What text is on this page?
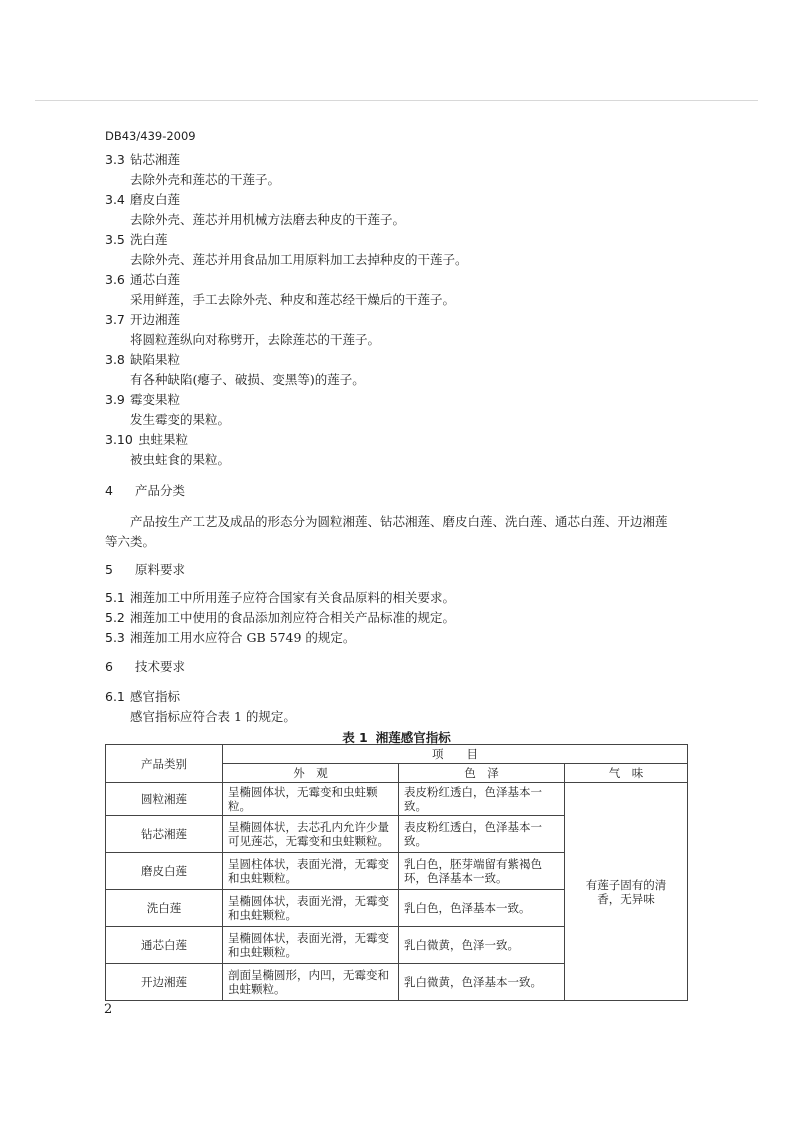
DB43/439-2009
3.3 钻芯湘莲
去除外壳和莲芯的干莲子。
3.4 磨皮白莲
去除外壳、莲芯并用机械方法磨去种皮的干莲子。
3.5 洗白莲
去除外壳、莲芯并用食品加工用原料加工去掉种皮的干莲子。
3.6 通芯白莲
采用鲜莲，手工去除外壳、种皮和莲芯经干燥后的干莲子。
3.7 开边湘莲
将圆粒莲纵向对称劈开，去除莲芯的干莲子。
3.8 缺陷果粒
有各种缺陷(瘪子、破损、变黑等)的莲子。
3.9 霉变果粒
发生霉变的果粒。
3.10 虫蛀果粒
被虫蛀食的果粒。
4 产品分类
产品按生产工艺及成品的形态分为圆粒湘莲、钻芯湘莲、磨皮白莲、洗白莲、通芯白莲、开边湘莲
等六类。
5 原料要求
5.1 湘莲加工中所用莲子应符合国家有关食品原料的相关要求。
5.2 湘莲加工中使用的食品添加剂应符合相关产品标准的规定。
5.3 湘莲加工用水应符合 GB 5749 的规定。
6 技术要求
6.1 感官指标
感官指标应符合表 1 的规定。
表 1 湘莲感官指标
产品类别	项　　目		
	外　观	色　泽	气　味
圆粒湘莲	呈椭圆体状，无霉变和虫蛀颗粒。	表皮粉红透白，色泽基本一致。	有莲子固有的清香，无异味
钻芯湘莲	呈椭圆体状，去芯孔内允许少量可见莲芯，无霉变和虫蛀颗粒。	表皮粉红透白，色泽基本一致。	
磨皮白莲	呈圆柱体状，表面光滑，无霉变和虫蛀颗粒。	乳白色，胚芽端留有紫褐色环，色泽基本一致。	
洗白莲	呈椭圆体状，表面光滑，无霉变和虫蛀颗粒。	乳白色，色泽基本一致。	
通芯白莲	呈椭圆体状，表面光滑，无霉变和虫蛀颗粒。	乳白微黄，色泽一致。	
开边湘莲	剖面呈椭圆形，内凹，无霉变和虫蛀颗粒。	乳白微黄，色泽基本一致。	
2
